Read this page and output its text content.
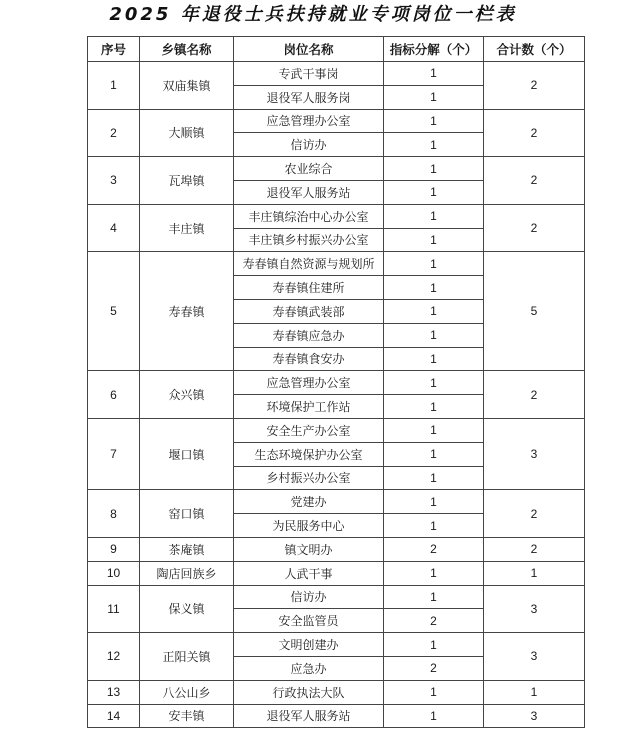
2025 年退役士兵扶持就业专项岗位一栏表
序号	乡镇名称	岗位名称	指标分解（个）	合计数（个）
1	双庙集镇	专武干事岗	1	2
		退役军人服务岗	1	
2	大顺镇	应急管理办公室	1	2
		信访办	1	
3	瓦埠镇	农业综合	1	2
		退役军人服务站	1	
4	丰庄镇	丰庄镇综治中心办公室	1	2
		丰庄镇乡村振兴办公室	1	
5	寿春镇	寿春镇自然资源与规划所	1	5
		寿春镇住建所	1	
		寿春镇武装部	1	
		寿春镇应急办	1	
		寿春镇食安办	1	
6	众兴镇	应急管理办公室	1	2
		环境保护工作站	1	
7	堰口镇	安全生产办公室	1	3
		生态环境保护办公室	1	
		乡村振兴办公室	1	
8	窑口镇	党建办	1	2
		为民服务中心	1	
9	茶庵镇	镇文明办	2	2
10	陶店回族乡	人武干事	1	1
11	保义镇	信访办	1	3
		安全监管员	2	
12	正阳关镇	文明创建办	1	3
		应急办	2	
13	八公山乡	行政执法大队	1	1
14	安丰镇	退役军人服务站	1	3
